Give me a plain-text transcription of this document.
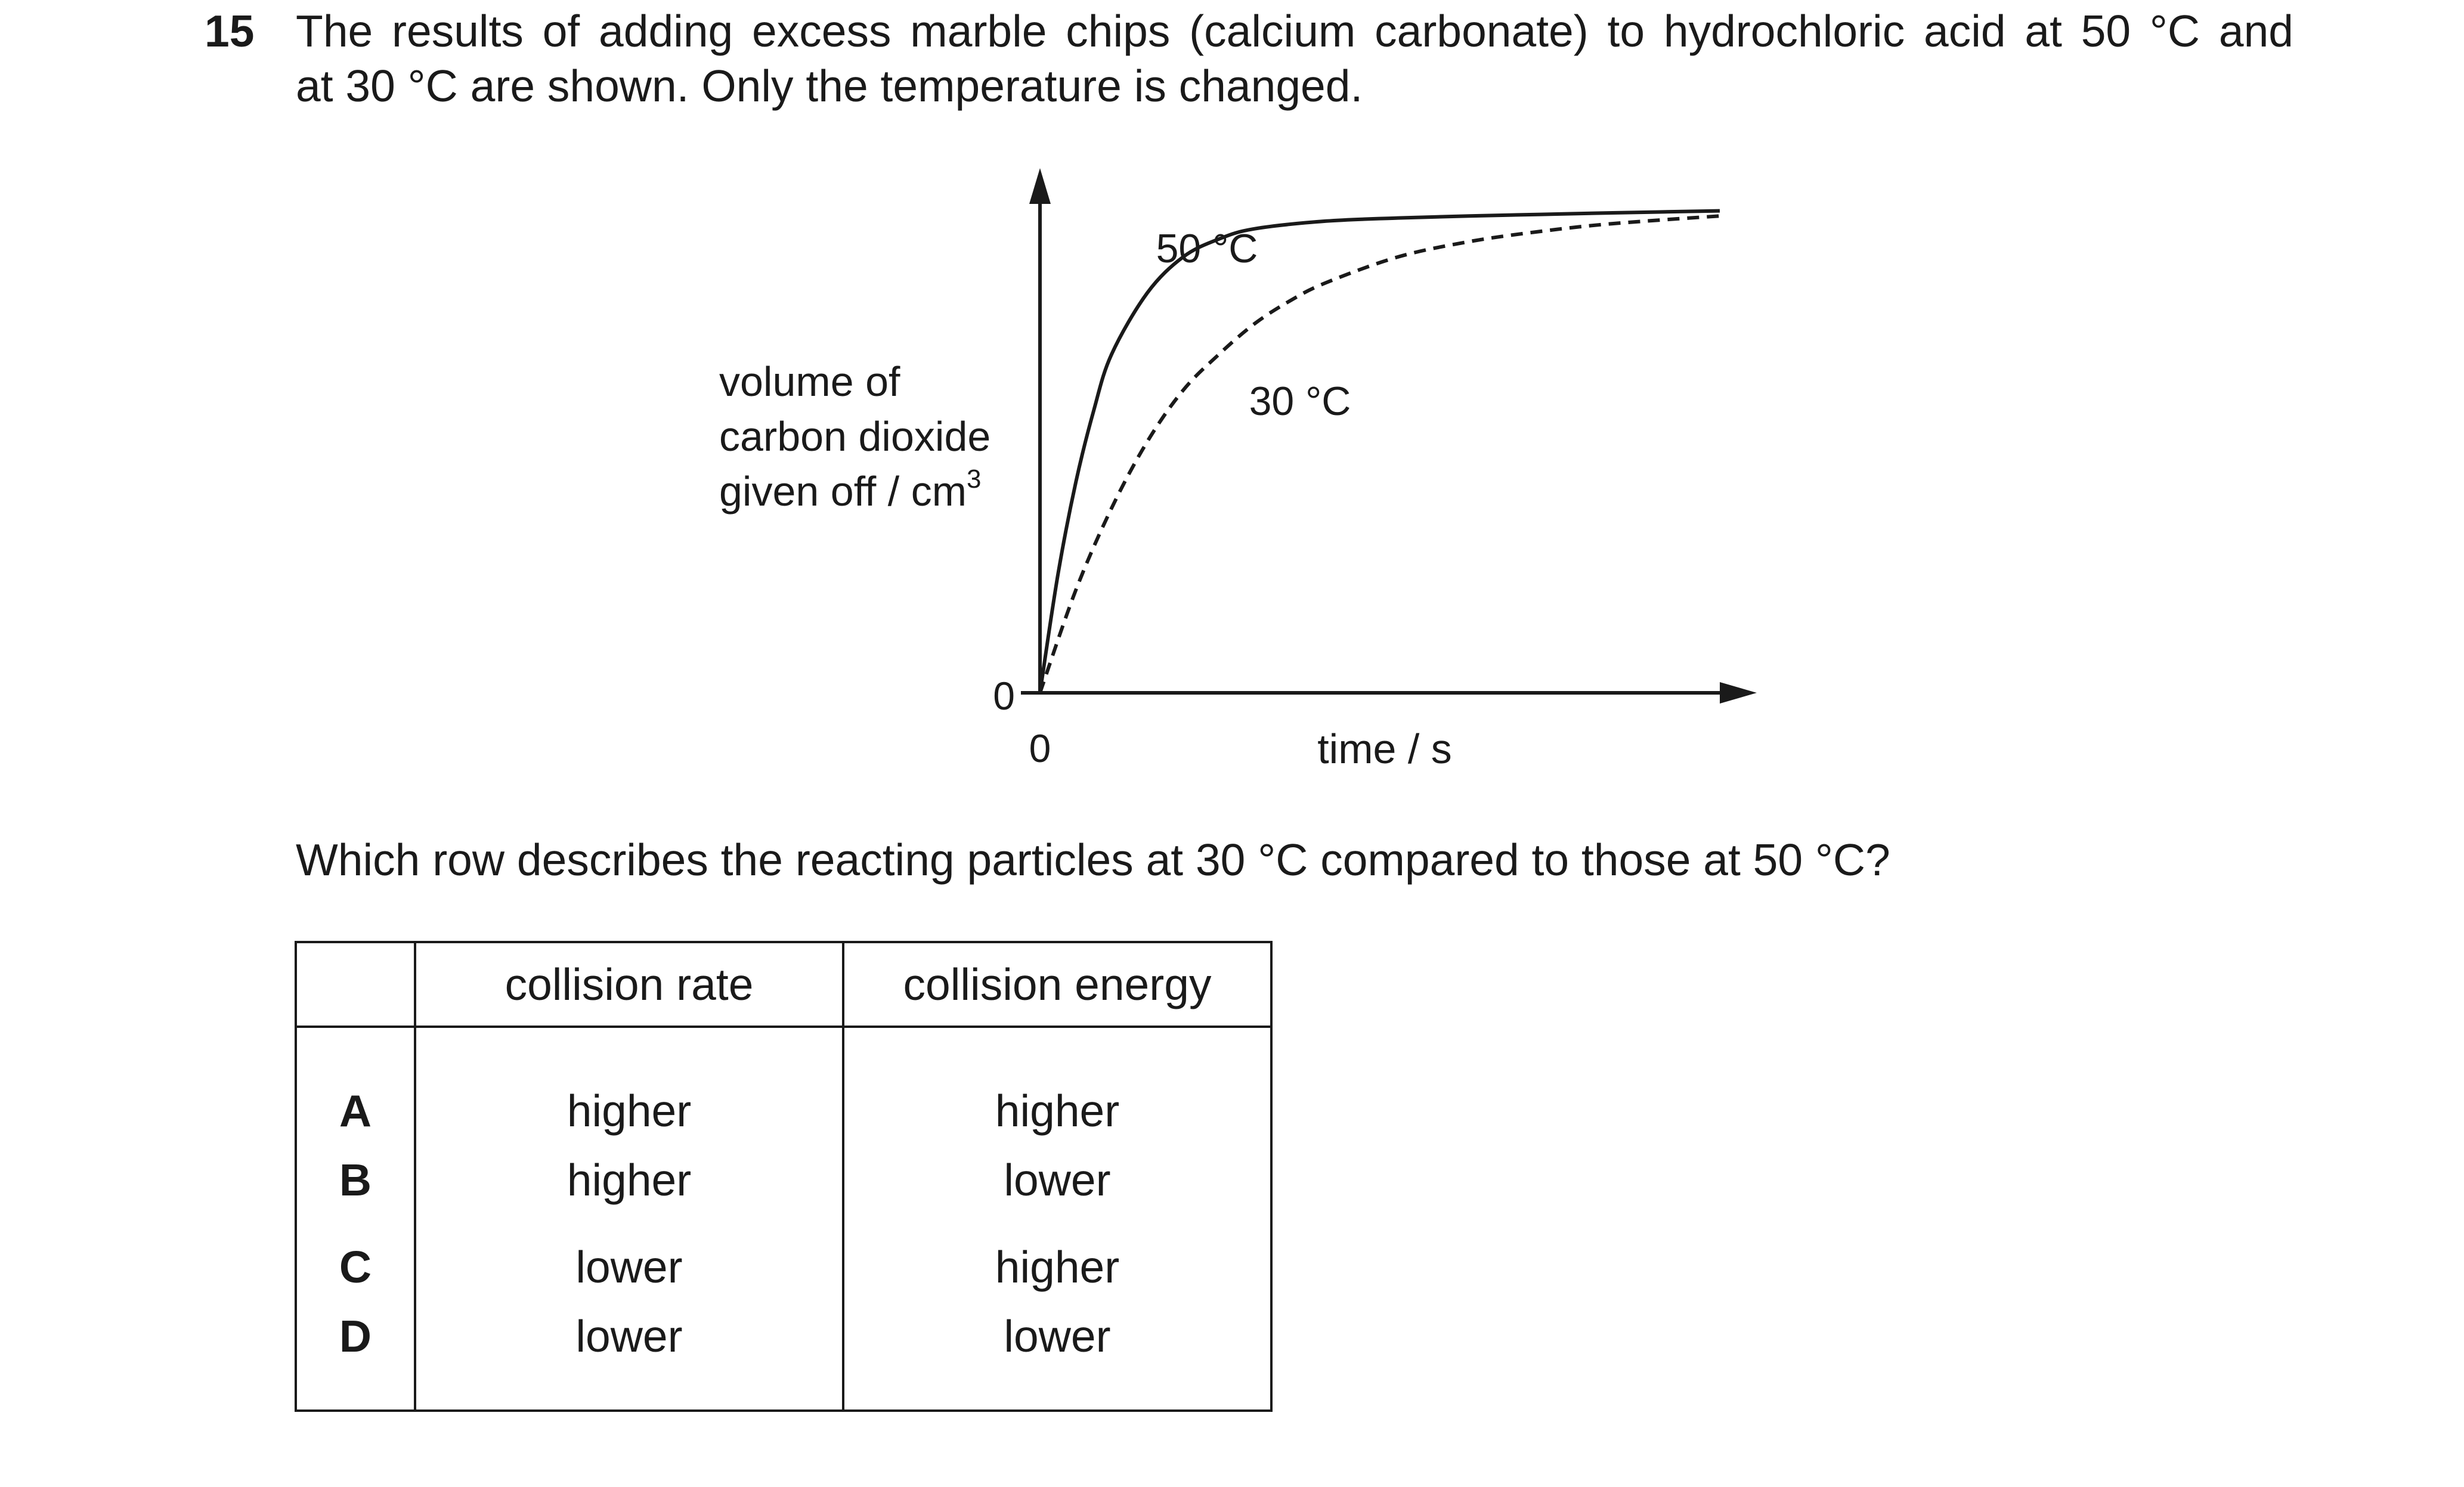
15 The results of adding excess marble chips (calcium carbonate) to hydrochloric acid at 50 °C and
at 30 °C are shown. Only the temperature is changed.
0
0	time / s
volume of
carbon dioxide
given off / $cm^3$
50 °C
30 °C
Which row describes the reacting particles at 30 °C compared to those at 50 °C?
	collision rate	collision energy
A	higher	higher
B	higher	lower
C	lower	higher
D	lower	lower
